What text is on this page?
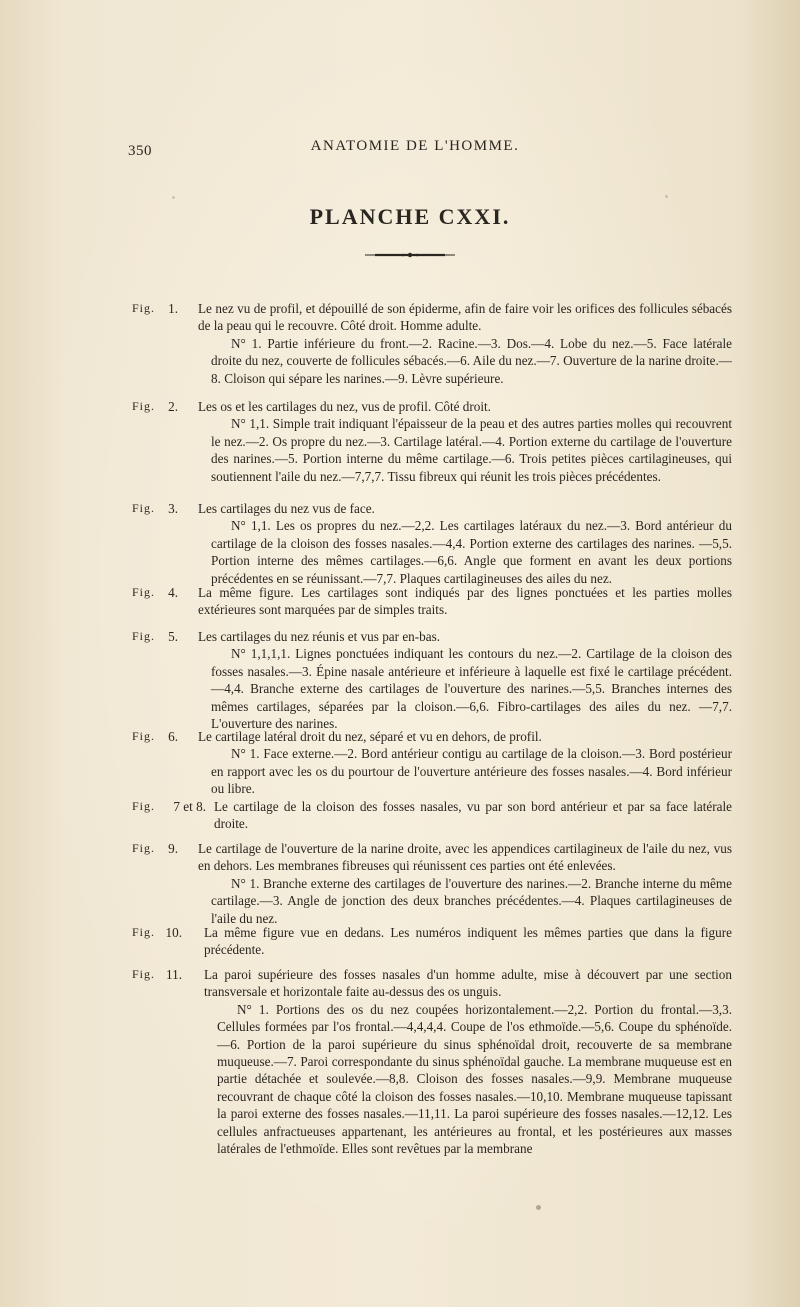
350	ANATOMIE DE L'HOMME.
PLANCHE CXXI.
Fig. 1. Le nez vu de profil, et dépouillé de son épiderme, afin de faire voir les orifices des follicules sébacés de la peau qui le recouvre. Côté droit. Homme adulte.

N° 1. Partie inférieure du front.—2. Racine.—3. Dos.—4. Lobe du nez.—5. Face latérale droite du nez, couverte de follicules sébacés.—6. Aile du nez.—7. Ouverture de la narine droite.—8. Cloison qui sépare les narines.—9. Lèvre supérieure.

Fig. 2. Les os et les cartilages du nez, vus de profil. Côté droit.

N° 1,1. Simple trait indiquant l'épaisseur de la peau et des autres parties molles qui recouvrent le nez.—2. Os propre du nez.—3. Cartilage latéral.—4. Portion externe du cartilage de l'ouverture des narines.—5. Portion interne du même cartilage.—6. Trois petites pièces cartilagineuses, qui soutiennent l'aile du nez.—7,7,7. Tissu fibreux qui réunit les trois pièces précédentes.

Fig. 3. Les cartilages du nez vus de face.

N° 1,1. Les os propres du nez.—2,2. Les cartilages latéraux du nez.—3. Bord antérieur du cartilage de la cloison des fosses nasales.—4,4. Portion externe des cartilages des narines. —5,5. Portion interne des mêmes cartilages.—6,6. Angle que forment en avant les deux portions précédentes en se réunissant.—7,7. Plaques cartilagineuses des ailes du nez.

Fig. 4. La même figure. Les cartilages sont indiqués par des lignes ponctuées et les parties molles extérieures sont marquées par de simples traits.

Fig. 5. Les cartilages du nez réunis et vus par en-bas.

N° 1,1,1,1. Lignes ponctuées indiquant les contours du nez.—2. Cartilage de la cloison des fosses nasales.—3. Épine nasale antérieure et inférieure à laquelle est fixé le cartilage précédent.—4,4. Branche externe des cartilages de l'ouverture des narines.—5,5. Branches internes des mêmes cartilages, séparées par la cloison.—6,6. Fibro-cartilages des ailes du nez. —7,7. L'ouverture des narines.

Fig. 6. Le cartilage latéral droit du nez, séparé et vu en dehors, de profil.

N° 1. Face externe.—2. Bord antérieur contigu au cartilage de la cloison.—3. Bord postérieur en rapport avec les os du pourtour de l'ouverture antérieure des fosses nasales.—4. Bord inférieur ou libre.

Fig.	7 et 8. Le cartilage de la cloison des fosses nasales, vu par son bord antérieur et par sa face latérale droite.

Fig. 9. Le cartilage de l'ouverture de la narine droite, avec les appendices cartilagineux de l'aile du nez, vus en dehors. Les membranes fibreuses qui réunissent ces parties ont été enlevées.

N° 1. Branche externe des cartilages de l'ouverture des narines.—2. Branche interne du même cartilage.—3. Angle de jonction des deux branches précédentes.—4. Plaques cartilagineuses de l'aile du nez.

Fig. 10. La même figure vue en dedans. Les numéros indiquent les mêmes parties que dans la figure précédente.

Fig. 11. La paroi supérieure des fosses nasales d'un homme adulte, mise à découvert par une section transversale et horizontale faite au-dessus des os unguis.

N° 1. Portions des os du nez coupées horizontalement.—2,2. Portion du frontal.—3,3. Cellules formées par l'os frontal.—4,4,4,4. Coupe de l'os ethmoïde.—5,6. Coupe du sphénoïde.—6. Portion de la paroi supérieure du sinus sphénoïdal droit, recouverte de sa membrane muqueuse.—7. Paroi correspondante du sinus sphénoïdal gauche. La membrane muqueuse est en partie détachée et soulevée.—8,8. Cloison des fosses nasales.—9,9. Membrane muqueuse recouvrant de chaque côté la cloison des fosses nasales.—10,10. Membrane muqueuse tapissant la paroi externe des fosses nasales.—11,11. La paroi supérieure des fosses nasales.—12,12. Les cellules anfractueuses appartenant, les antérieures au frontal, et les postérieures aux masses latérales de l'ethmoïde. Elles sont revêtues par la membrane
